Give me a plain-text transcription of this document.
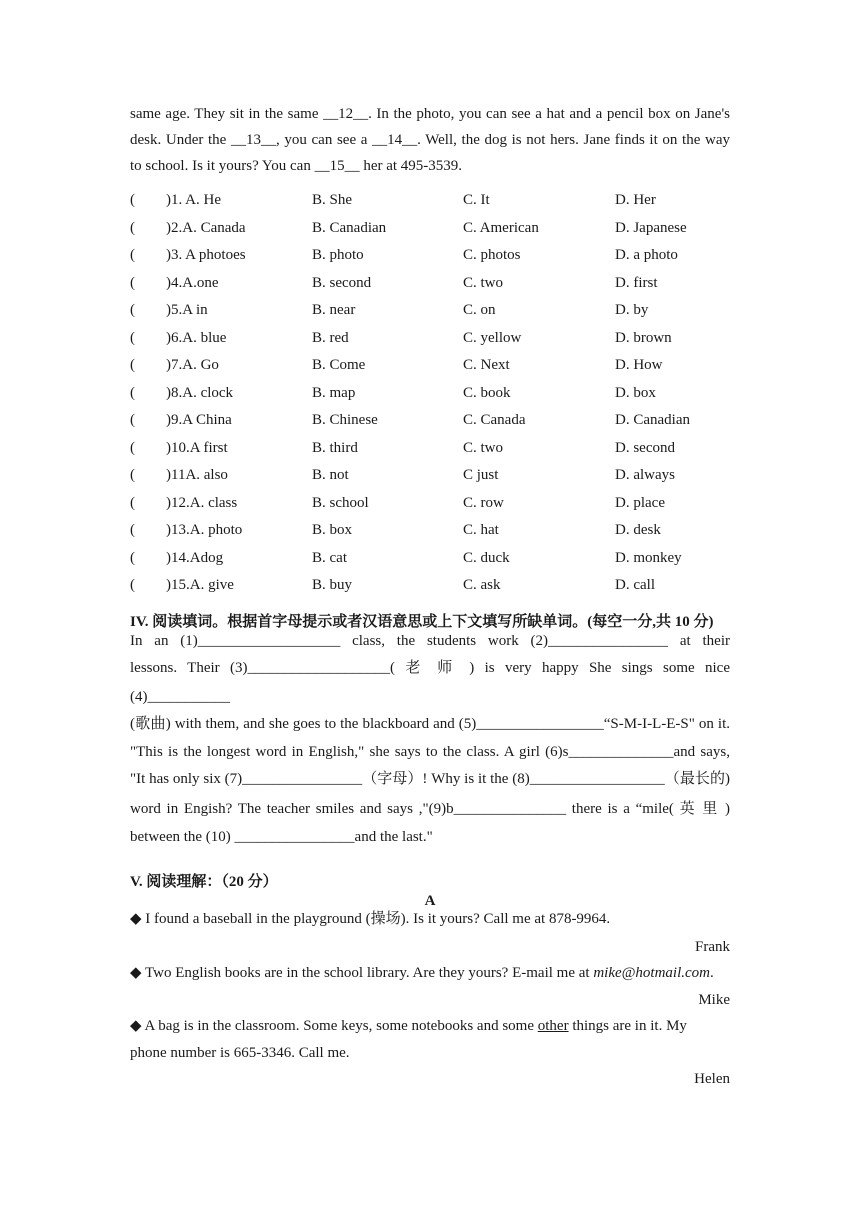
same age. They sit in the same __12__. In the photo, you can see a hat and a pencil box on Jane's
desk. Under the __13__, you can see a __14__. Well, the dog is not hers. Jane finds it on the way
to school. Is it yours? You can __15__ her at 495-3539.
( )1. A. He	B. She	C. It	D. Her
( )2.A. Canada	B. Canadian	C. American	D. Japanese
( )3. A photoes	B. photo	C. photos	D. a photo
( )4.A.one	B. second	C. two	D. first
( )5.A in	B. near	C. on	D. by
( )6.A. blue	B. red	C. yellow	D. brown
( )7.A. Go	B. Come	C. Next	D. How
( )8.A. clock	B. map	C. book	D. box
( )9.A China	B. Chinese	C. Canada	D. Canadian
( )10.A first	B. third	C. two	D. second
( )11A. also	B. not	C just	D. always
( )12.A. class	B. school	C. row	D. place
( )13.A. photo	B. box	C. hat	D. desk
( )14.Adog	B. cat	C. duck	D. monkey
( )15.A. give	B. buy	C. ask	D. call
IV. 阅读填词。根据首字母提示或者汉语意思或上下文填写所缺单词。(每空一分,共 10 分)
In an (1)___________________ class, the students work (2)________________ at their
lessons. Their (3)___________________( 老 师 ) is very happy She sings some nice
(4)___________
(歌曲) with them, and she goes to the blackboard and (5)_________________“S-M-I-L-E-S" on it.
"This is the longest word in English," she says to the class. A girl (6)s______________and says,
"It has only six (7)________________（字母）! Why is it the (8)__________________（最长的)
word in Engish? The teacher smiles and says ,"(9)b_______________ there is a “mile( 英 里 )
between the (10) ________________and the last."
V. 阅读理解：（20 分）
A
◆ I found a baseball in the playground (操场). Is it yours? Call me at 878-9964.
Frank
◆ Two English books are in the school library. Are they yours? E-mail me at mike@hotmail.com.
Mike
◆ A bag is in the classroom. Some keys, some notebooks and some other things are in it. My
phone number is 665-3346. Call me.
Helen
